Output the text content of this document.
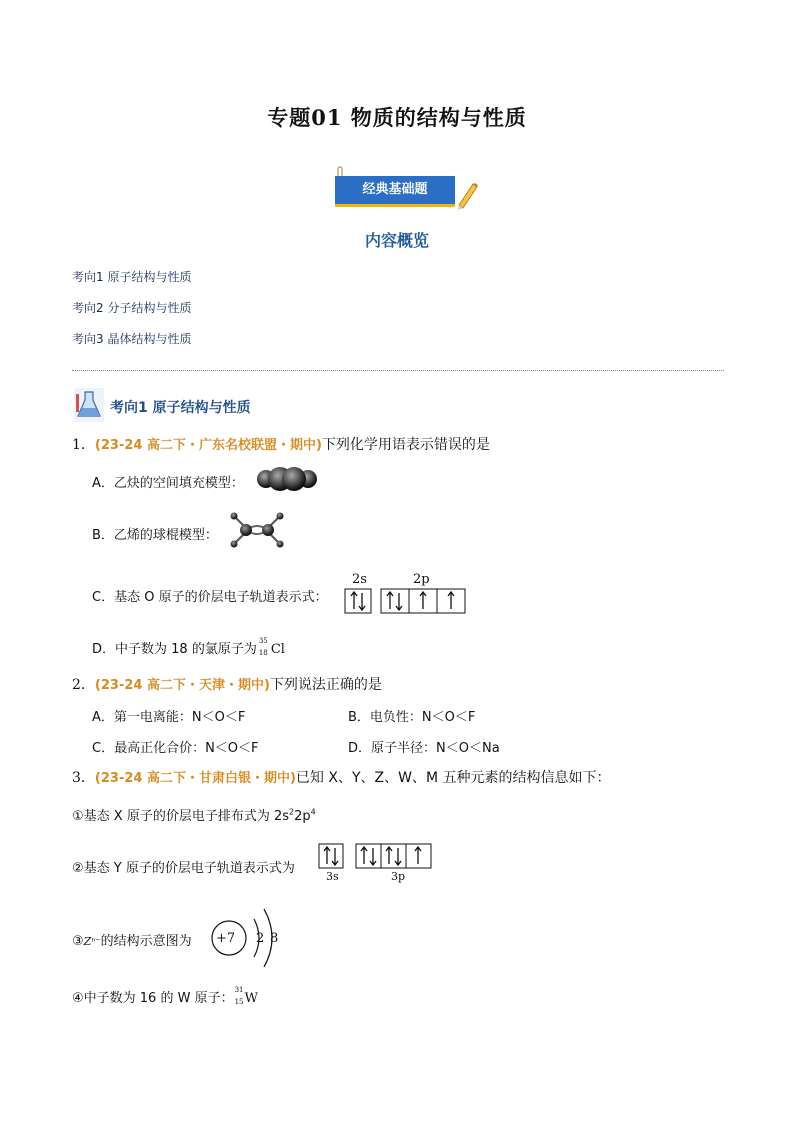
专题01 物质的结构与性质
经典基础题
内容概览
考向1 原子结构与性质
考向2 分子结构与性质
考向3 晶体结构与性质
考向1 原子结构与性质
1．(23-24 高二下・广东名校联盟・期中)下列化学用语表示错误的是
A．乙炔的空间填充模型：
B．乙烯的球棍模型：
C．基态 O 原子的价层电子轨道表示式：
2s	2p
D．中子数为 18 的氯原子为
35
18 Cl
2．(23-24 高二下・天津・期中)下列说法正确的是
A．第一电离能：N＜O＜F	B．电负性：N＜O＜F
C．最高正化合价：N＜O＜F	D．原子半径：N＜O＜Na
3．(23-24 高二下・甘肃白银・期中)已知 X、Y、Z、W、M 五种元素的结构信息如下：
①基态 X 原子的价层电子排布式为 $2s^22p^4$
②基态 Y 原子的价层电子轨道表示式为
3s	3p
③Zⁿ⁻的结构示意图为 +7 2 8
④中子数为 16 的 W 原子：
31
15 W
